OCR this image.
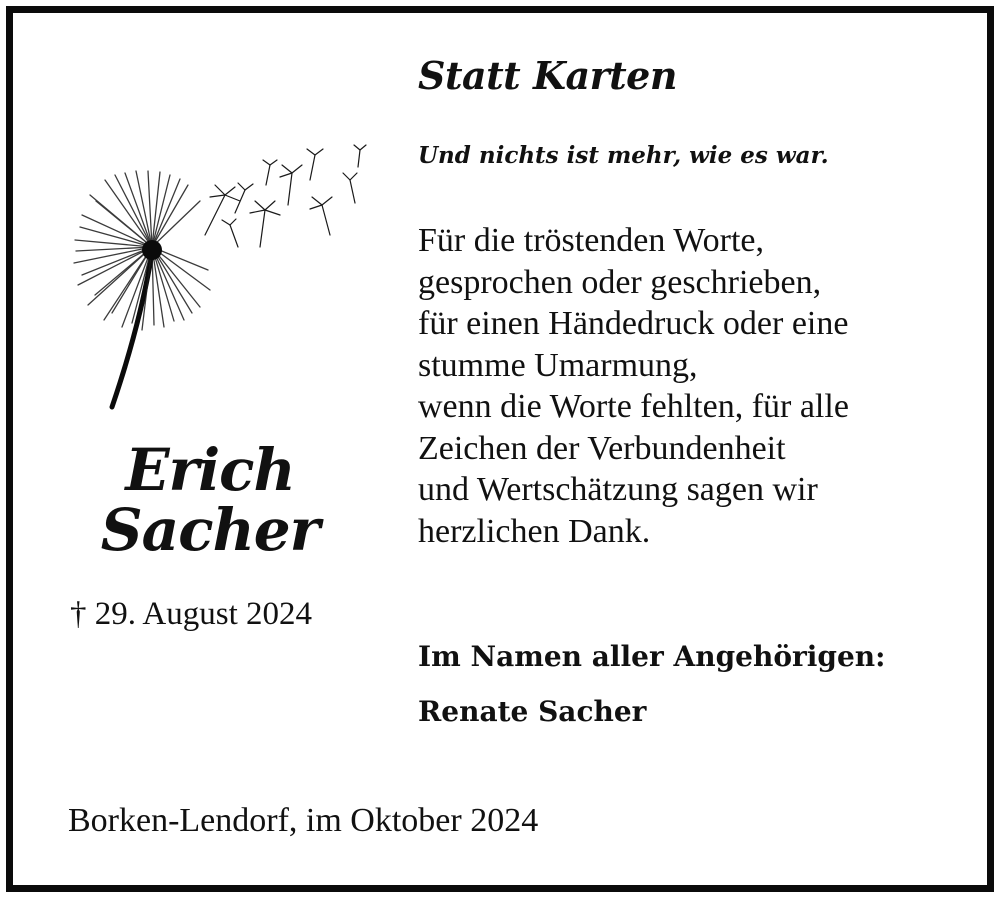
Erich
Sacher
† 29. August 2024
Statt Karten
Und nichts ist mehr, wie es war.
Für die tröstenden Worte,
gesprochen oder geschrieben,
für einen Händedruck oder eine
stumme Umarmung,
wenn die Worte fehlten, für alle
Zeichen der Verbundenheit
und Wertschätzung sagen wir
herzlichen Dank.
Im Namen aller Angehörigen:
Renate Sacher
Borken-Lendorf, im Oktober 2024
